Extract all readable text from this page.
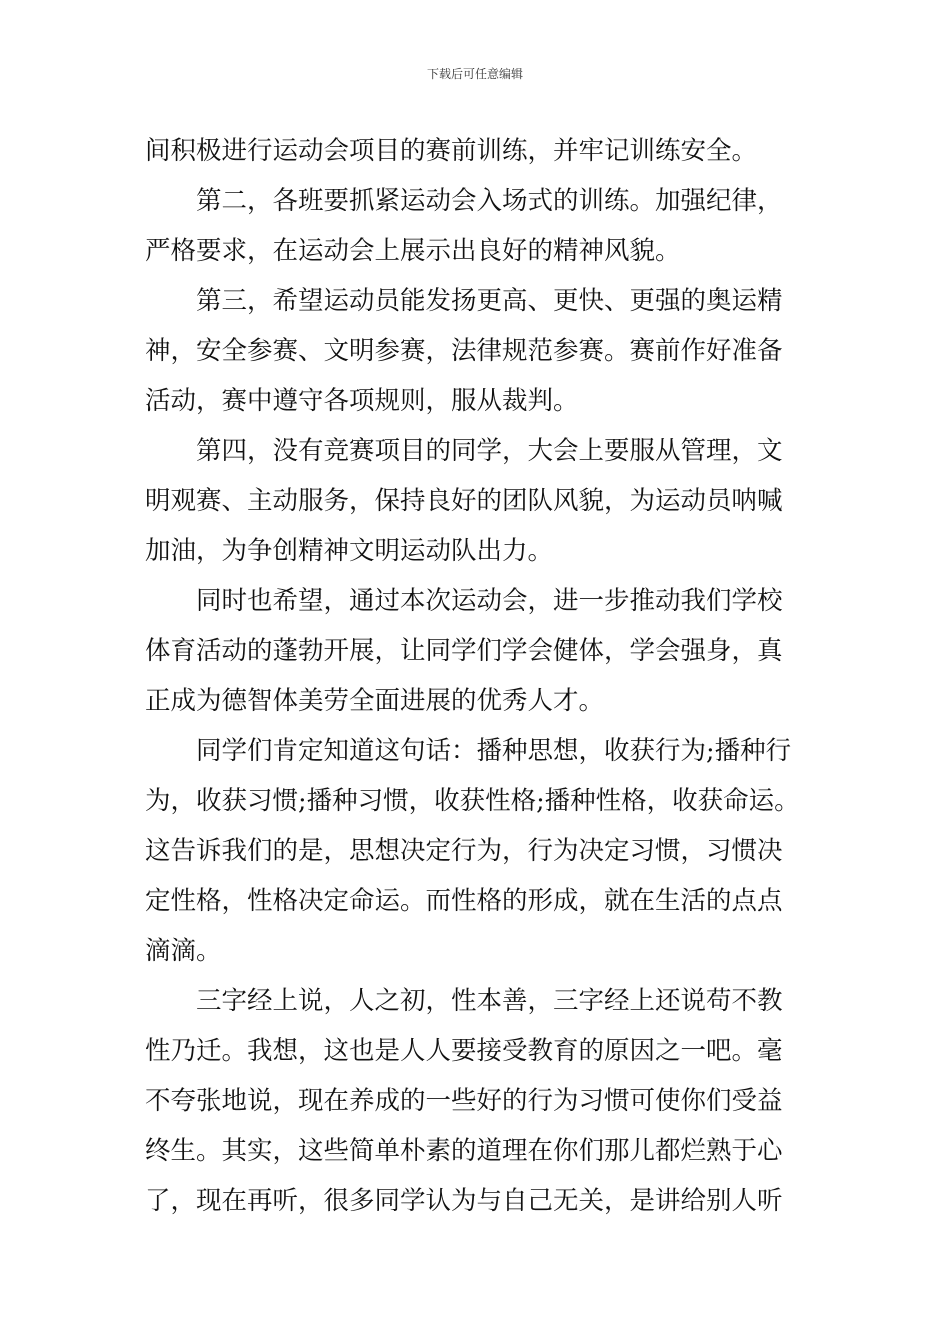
下载后可任意编辑
间积极进行运动会项目的赛前训练，并牢记训练安全。
第二，各班要抓紧运动会入场式的训练。加强纪律，
严格要求，在运动会上展示出良好的精神风貌。
第三，希望运动员能发扬更高、更快、更强的奥运精
神，安全参赛、文明参赛，法律规范参赛。赛前作好准备
活动，赛中遵守各项规则，服从裁判。
第四，没有竞赛项目的同学，大会上要服从管理，文
明观赛、主动服务，保持良好的团队风貌，为运动员呐喊
加油，为争创精神文明运动队出力。
同时也希望，通过本次运动会，进一步推动我们学校
体育活动的蓬勃开展，让同学们学会健体，学会强身，真
正成为德智体美劳全面进展的优秀人才。
同学们肯定知道这句话：播种思想，收获行为;播种行
为，收获习惯;播种习惯，收获性格;播种性格，收获命运。
这告诉我们的是，思想决定行为，行为决定习惯，习惯决
定性格，性格决定命运。而性格的形成，就在生活的点点
滴滴。
三字经上说，人之初，性本善，三字经上还说苟不教
性乃迁。我想，这也是人人要接受教育的原因之一吧。毫
不夸张地说，现在养成的一些好的行为习惯可使你们受益
终生。其实，这些简单朴素的道理在你们那儿都烂熟于心
了，现在再听，很多同学认为与自己无关，是讲给别人听
